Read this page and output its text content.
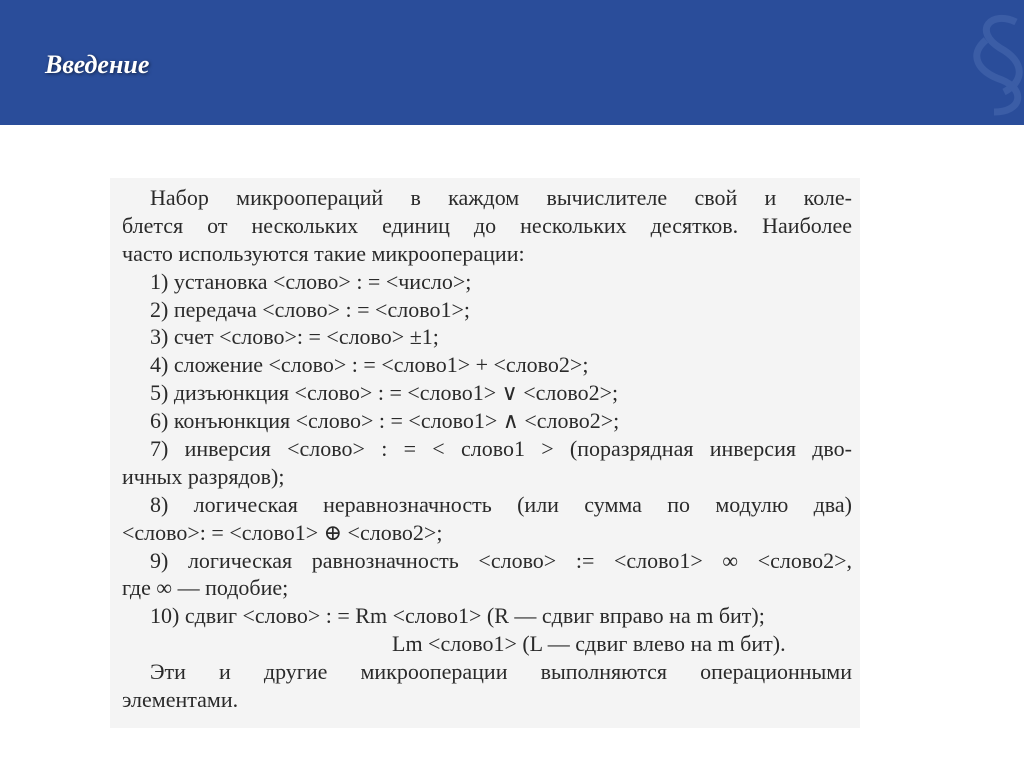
Введение
Набор микроопераций в каждом вычислителе свой и коле-
блется от нескольких единиц до нескольких десятков. Наиболее
часто используются такие микрооперации:
1) установка <слово> : = <число>;
2) передача <слово> : = <слово1>;
3) счет <слово>: = <слово> ±1;
4) сложение <слово> : = <слово1> + <слово2>;
5) дизъюнкция <слово> : = <слово1> ∨ <слово2>;
6) конъюнкция <слово> : = <слово1> ∧ <слово2>;
7) инверсия <слово> : = < слово1 > (поразрядная инверсия дво-
ичных разрядов);
8) логическая неравнозначность (или сумма по модулю два)
<слово>: = <слово1> ⊕ <слово2>;
9) логическая равнозначность <слово> := <слово1> ∞ <слово2>,
где ∞ — подобие;
10) сдвиг <слово> : = Rm <слово1> (R — сдвиг вправо на m бит);
Lm <слово1> (L — сдвиг влево на m бит).
Эти и другие микрооперации выполняются операционными
элементами.
